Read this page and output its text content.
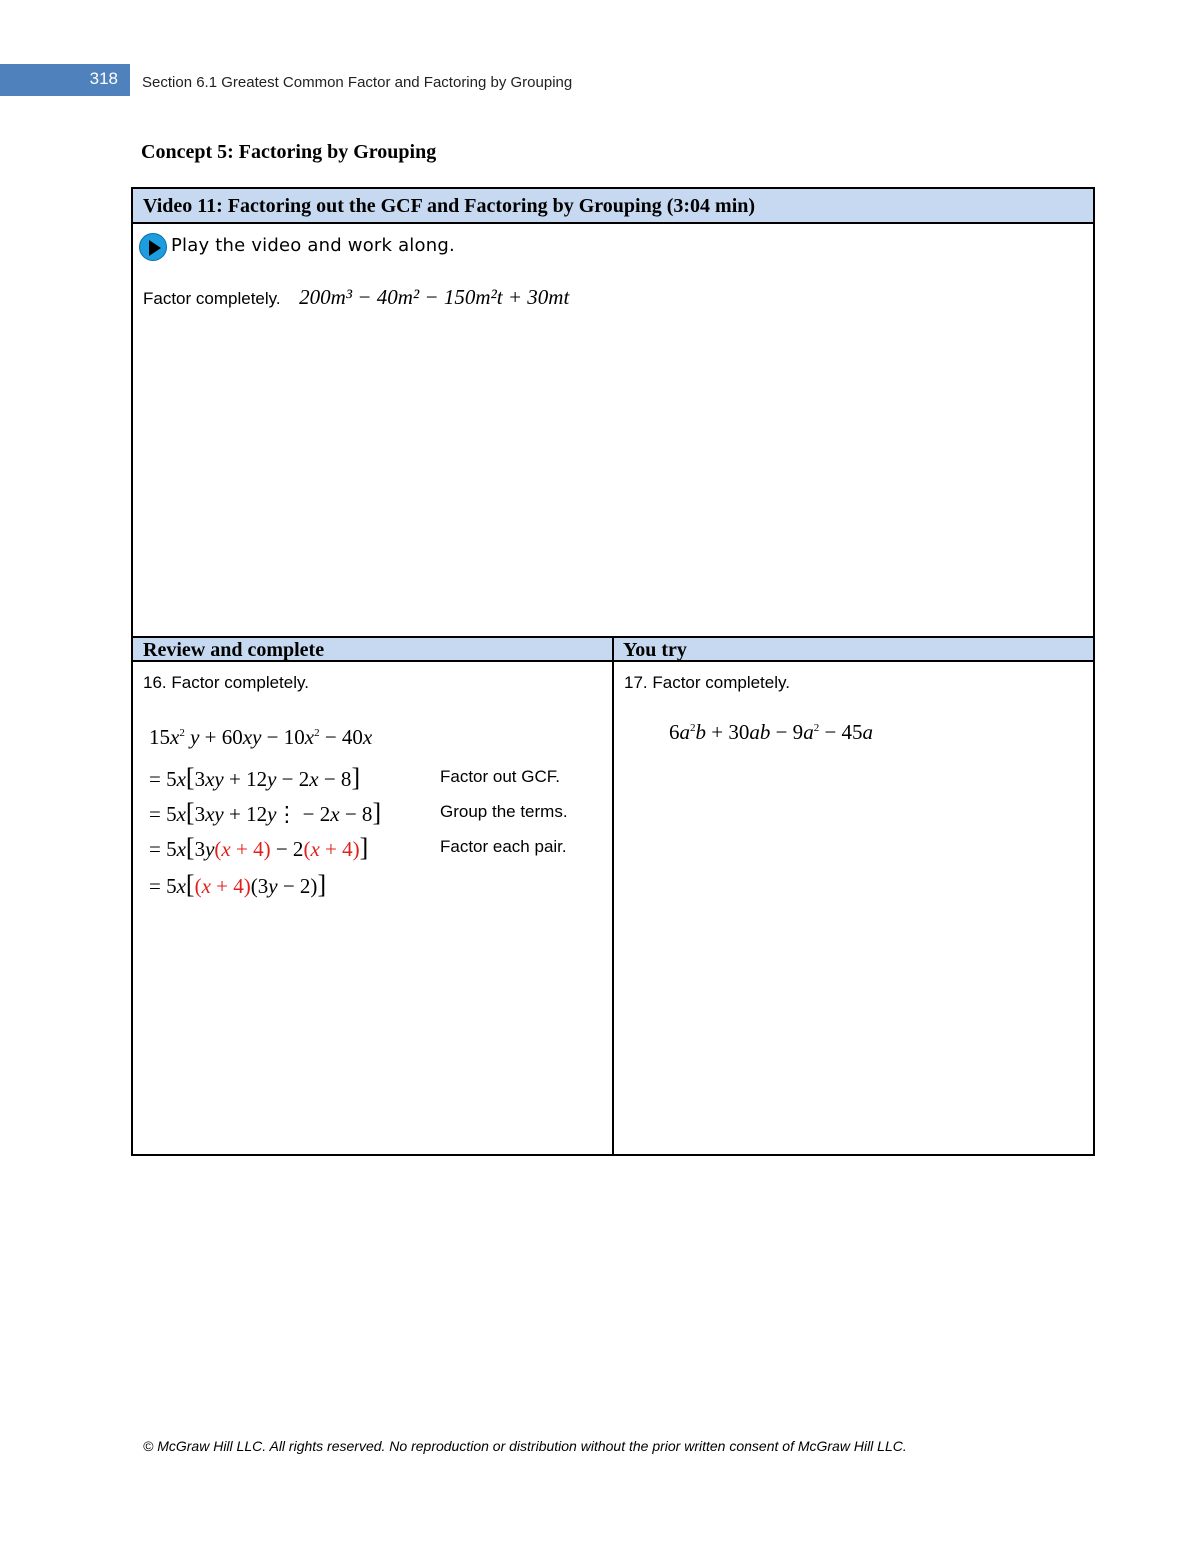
318 Section 6.1 Greatest Common Factor and Factoring by Grouping
Concept 5: Factoring by Grouping
Video 11: Factoring out the GCF and Factoring by Grouping (3:04 min)
Play the video and work along.
Factor completely. 200m³ − 40m² − 150m²t + 30mt
Review and complete	You try
16. Factor completely.
$15x^2$ $y + 60xy - 10x^2 - 40x$
= 5x[3xy + 12y − 2x − 8]
= 5x[3xy + 12y⋮ − 2x − 8]
= 5x[3y(x + 4) − 2(x + 4)]
= 5x[(x + 4)(3y − 2)]
Factor out GCF.
Group the terms.
Factor each pair.
17. Factor completely.
$6a^2b + 30ab - 9a^2 - 45a$
© McGraw Hill LLC. All rights reserved. No reproduction or distribution without the prior written consent of McGraw Hill LLC.
